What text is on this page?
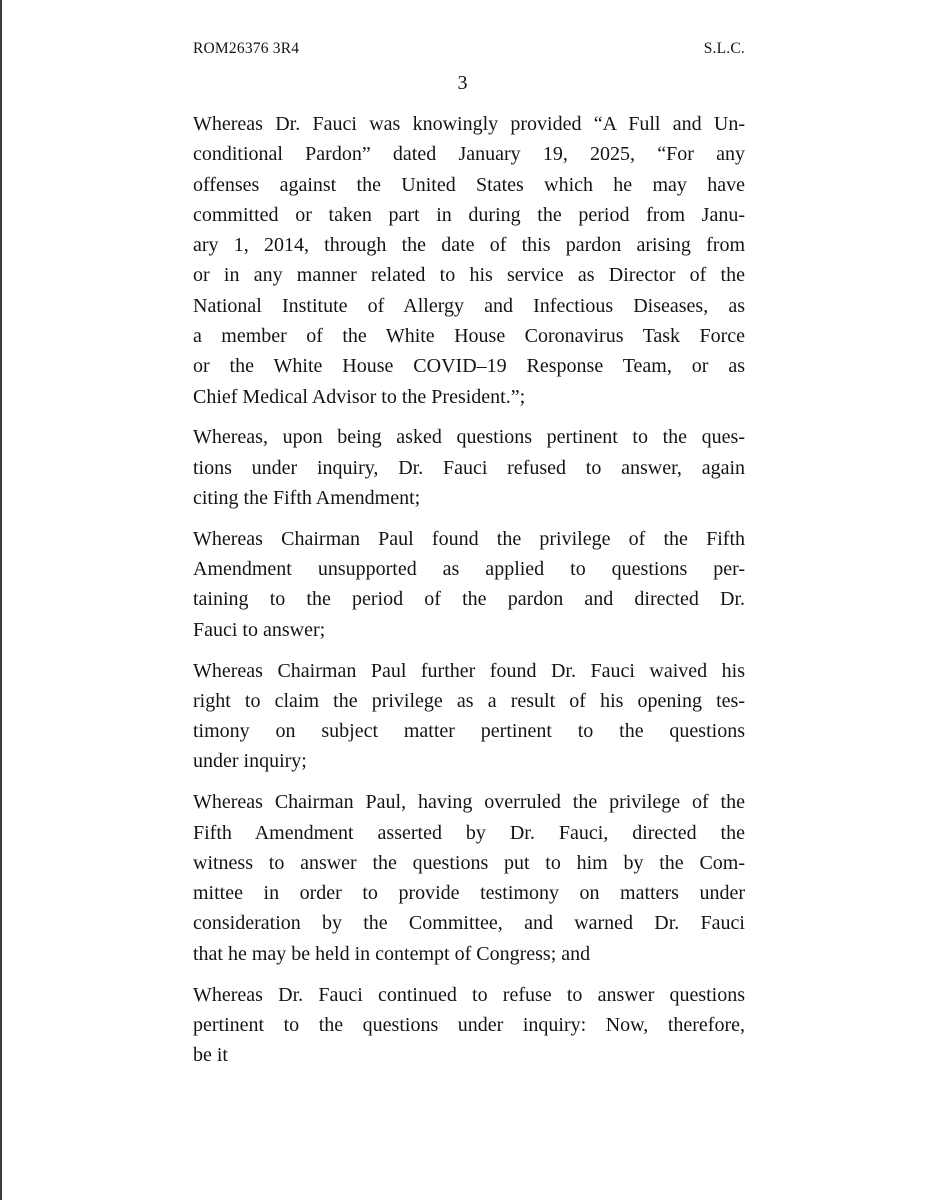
ROM26376 3R4	S.L.C.
3
Whereas Dr. Fauci was knowingly provided “A Full and Un-
conditional Pardon” dated January 19, 2025, “For any
offenses against the United States which he may have
committed or taken part in during the period from Janu-
ary 1, 2014, through the date of this pardon arising from
or in any manner related to his service as Director of the
National Institute of Allergy and Infectious Diseases, as
a member of the White House Coronavirus Task Force
or the White House COVID–19 Response Team, or as
Chief Medical Advisor to the President.”;
Whereas, upon being asked questions pertinent to the ques-
tions under inquiry, Dr. Fauci refused to answer, again
citing the Fifth Amendment;
Whereas Chairman Paul found the privilege of the Fifth
Amendment unsupported as applied to questions per-
taining to the period of the pardon and directed Dr.
Fauci to answer;
Whereas Chairman Paul further found Dr. Fauci waived his
right to claim the privilege as a result of his opening tes-
timony on subject matter pertinent to the questions
under inquiry;
Whereas Chairman Paul, having overruled the privilege of the
Fifth Amendment asserted by Dr. Fauci, directed the
witness to answer the questions put to him by the Com-
mittee in order to provide testimony on matters under
consideration by the Committee, and warned Dr. Fauci
that he may be held in contempt of Congress; and
Whereas Dr. Fauci continued to refuse to answer questions
pertinent to the questions under inquiry: Now, therefore,
be it
